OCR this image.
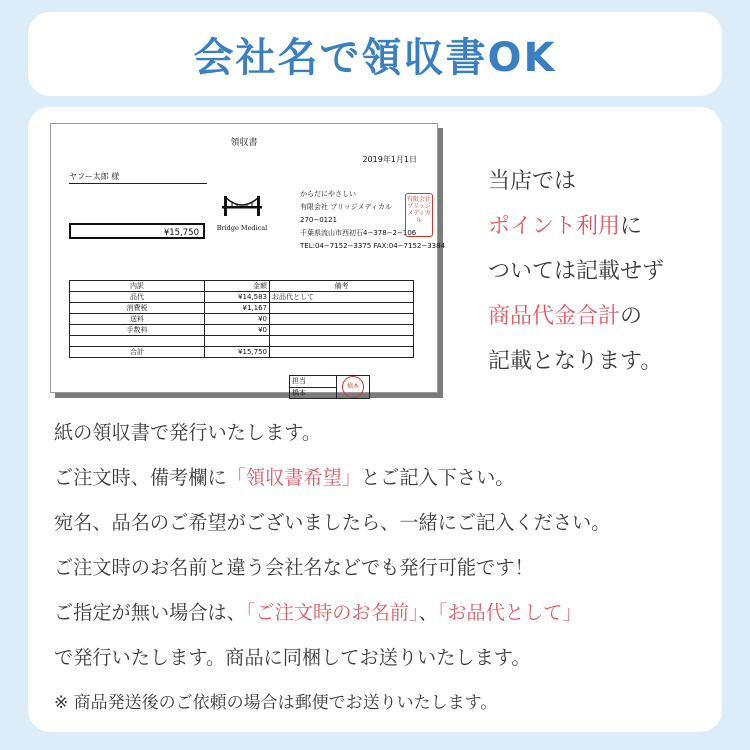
会社名で領収書OK
領収書
2019年1月1日
ヤフー太郎 様
¥15,750	Bridge Medical
からだにやさしい
有限会社 ブリッジメディカル
270−0121
千葉県流山市西初石4−378−2−106
TEL:04−7152−3375 FAX:04−7152−3384
有限会社ブリッジメディカル
内訳	金額	備考
品代	¥14,583	お品代として
消費税	¥1,167	
送料	¥0	
手数料	¥0	

合計	¥15,750	
担当	橋本
橋本
当店では
ポイント利用に
ついては記載せず
商品代金合計の
記載となります。
紙の領収書で発行いたします。
ご注文時、備考欄に「領収書希望」とご記入下さい。
宛名、品名のご希望がございましたら、一緒にご記入ください。
ご注文時のお名前と違う会社名などでも発行可能です！
ご指定が無い場合は、「ご注文時のお名前」、「お品代として」
で発行いたします。商品に同梱してお送りいたします。
※ 商品発送後のご依頼の場合は郵便でお送りいたします。
